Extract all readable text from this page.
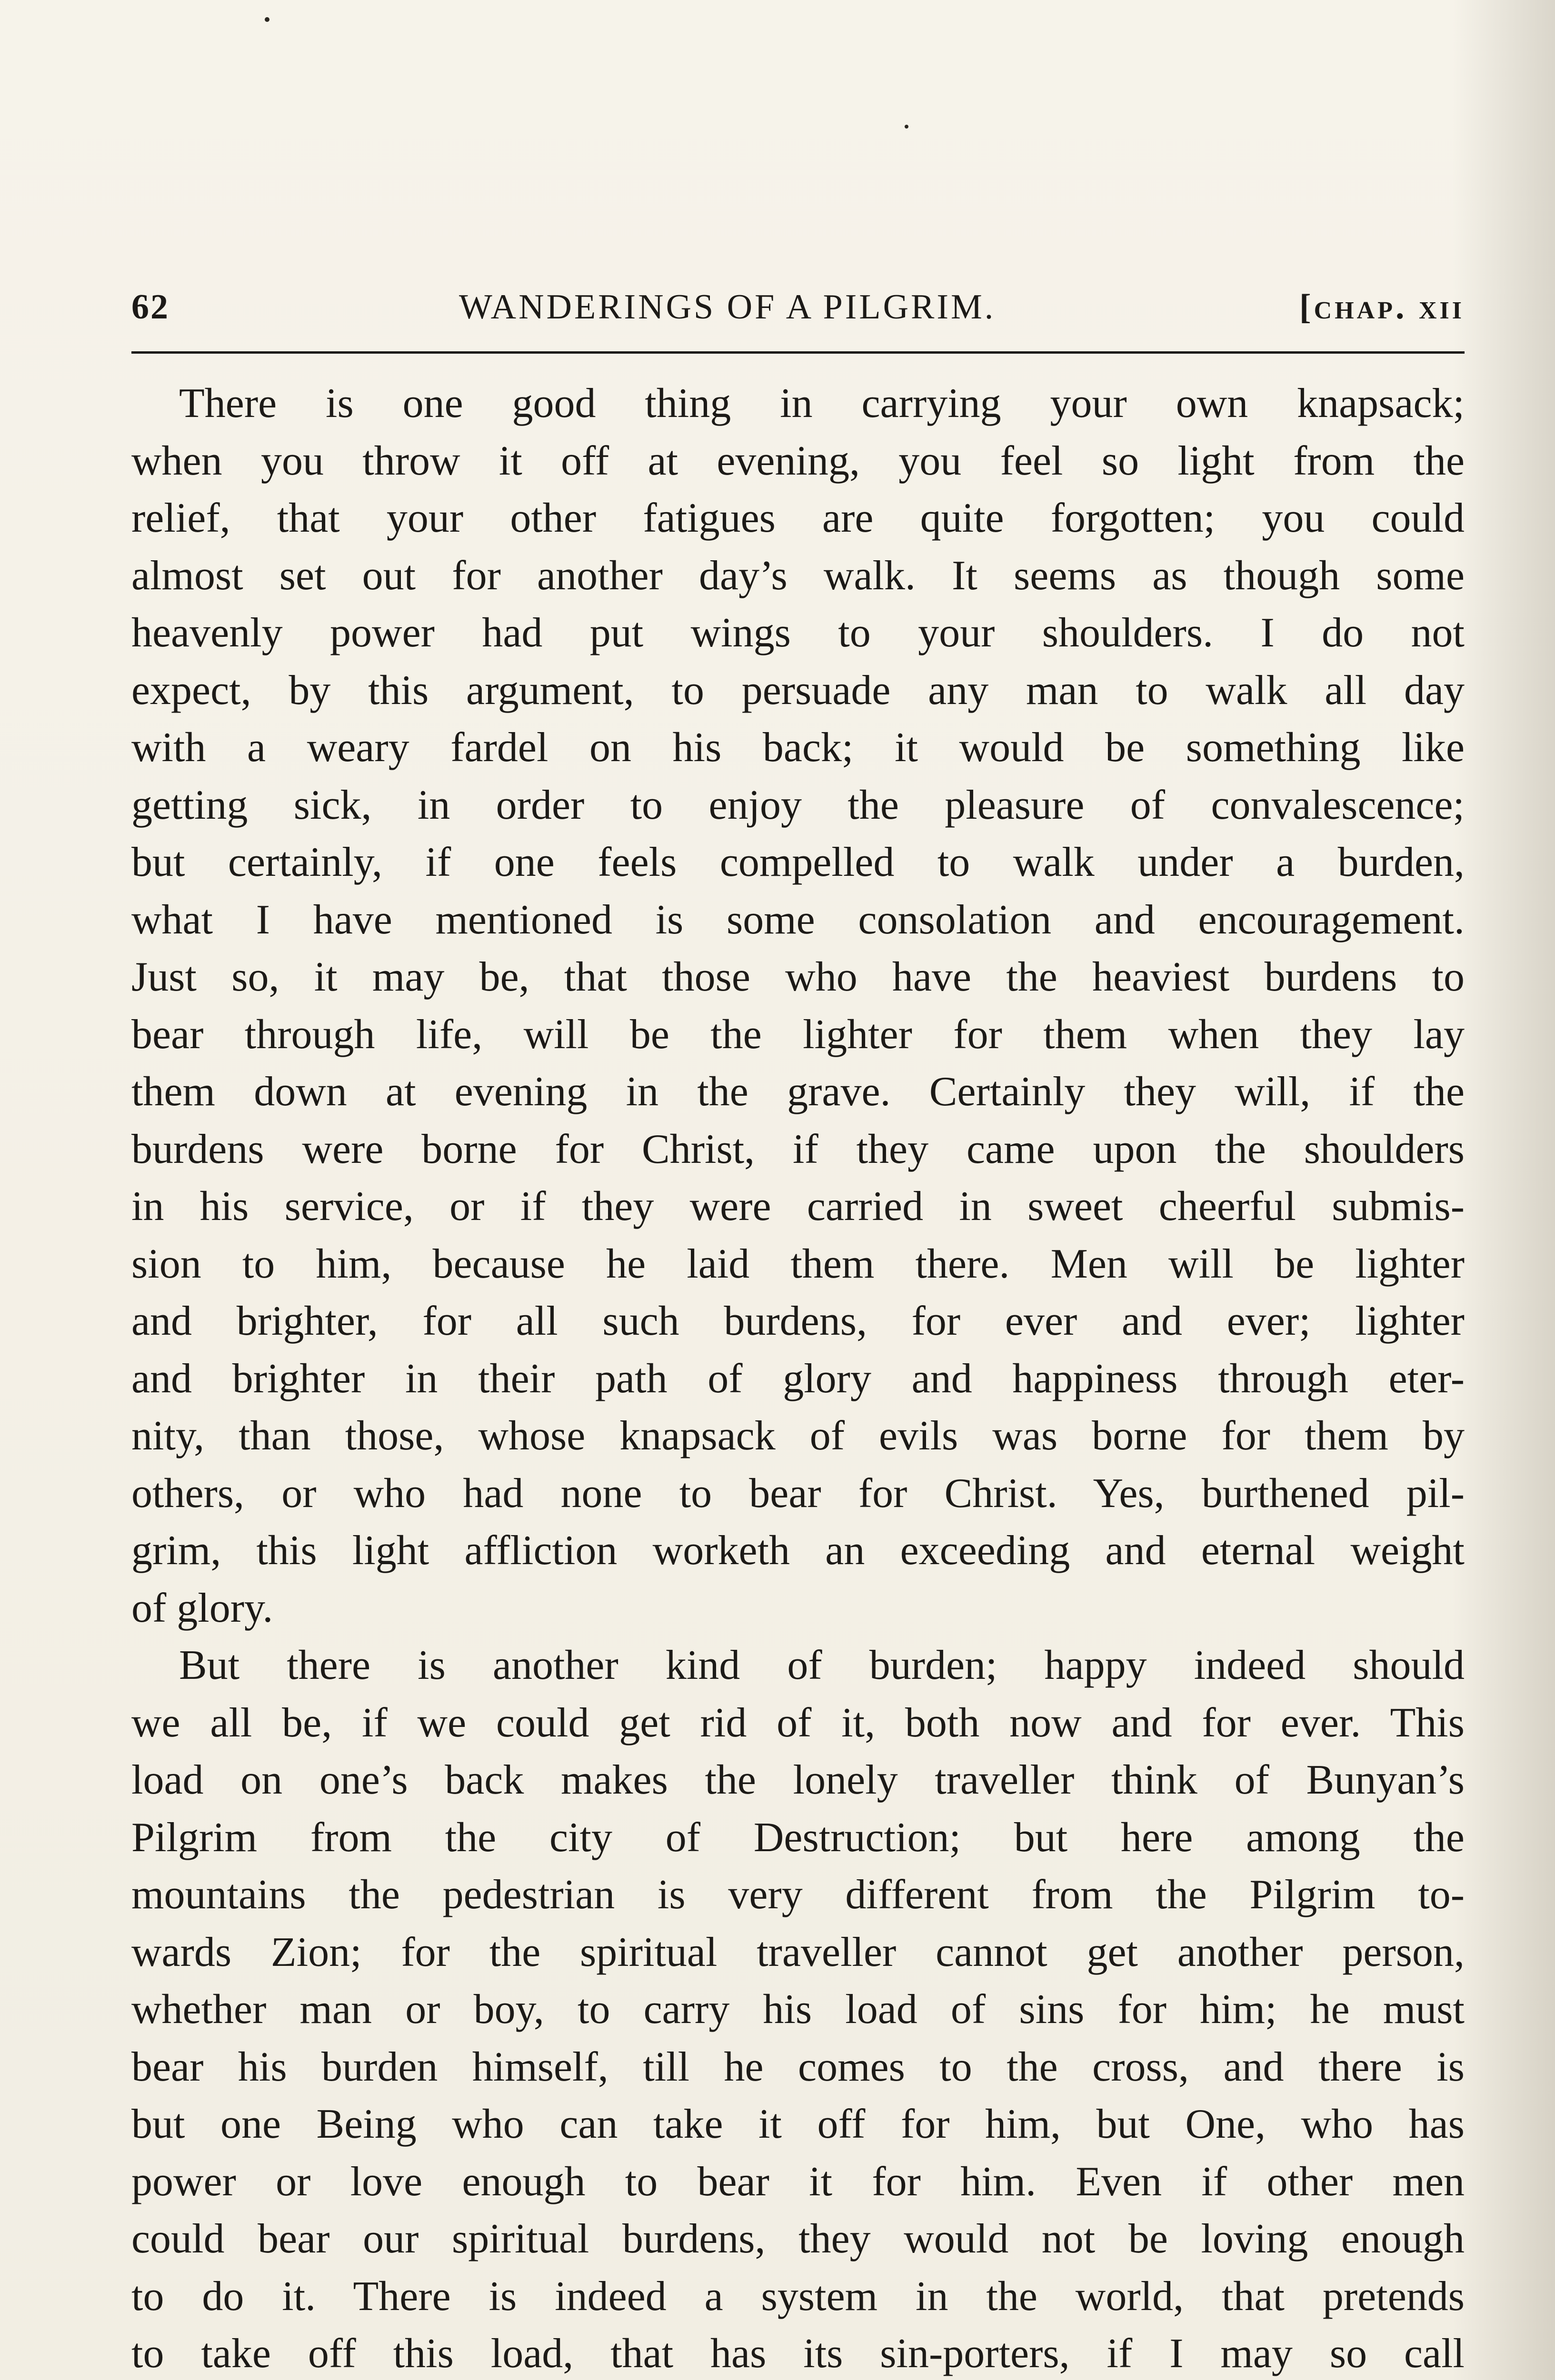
62	WANDERINGS OF A PILGRIM.	[chap. xii
There is one good thing in carrying your own knapsack;
when you throw it off at evening, you feel so light from the
relief, that your other fatigues are quite forgotten; you could
almost set out for another day’s walk. It seems as though some
heavenly power had put wings to your shoulders. I do not
expect, by this argument, to persuade any man to walk all day
with a weary fardel on his back; it would be something like
getting sick, in order to enjoy the pleasure of convalescence;
but certainly, if one feels compelled to walk under a burden,
what I have mentioned is some consolation and encouragement.
Just so, it may be, that those who have the heaviest burdens to
bear through life, will be the lighter for them when they lay
them down at evening in the grave. Certainly they will, if the
burdens were borne for Christ, if they came upon the shoulders
in his service, or if they were carried in sweet cheerful submis-
sion to him, because he laid them there. Men will be lighter
and brighter, for all such burdens, for ever and ever; lighter
and brighter in their path of glory and happiness through eter-
nity, than those, whose knapsack of evils was borne for them by
others, or who had none to bear for Christ. Yes, burthened pil-
grim, this light affliction worketh an exceeding and eternal weight
of glory.
But there is another kind of burden; happy indeed should
we all be, if we could get rid of it, both now and for ever. This
load on one’s back makes the lonely traveller think of Bunyan’s
Pilgrim from the city of Destruction; but here among the
mountains the pedestrian is very different from the Pilgrim to-
wards Zion; for the spiritual traveller cannot get another person,
whether man or boy, to carry his load of sins for him; he must
bear his burden himself, till he comes to the cross, and there is
but one Being who can take it off for him, but One, who has
power or love enough to bear it for him. Even if other men
could bear our spiritual burdens, they would not be loving enough
to do it. There is indeed a system in the world, that pretends
to take off this load, that has its sin-porters, if I may so call
